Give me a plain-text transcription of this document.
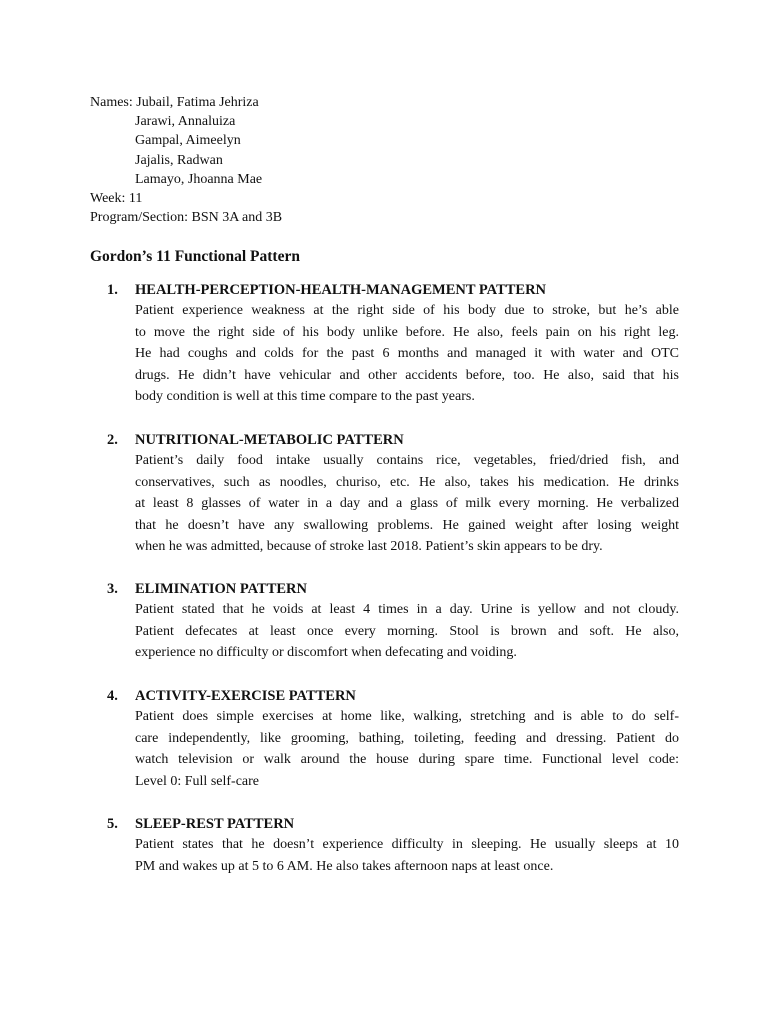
Names: Jubail, Fatima Jehriza
Jarawi, Annaluiza
Gampal, Aimeelyn
Jajalis, Radwan
Lamayo, Jhoanna Mae
Week: 11
Program/Section: BSN 3A and 3B
Gordon’s 11 Functional Pattern
1.	HEALTH-PERCEPTION-HEALTH-MANAGEMENT PATTERN
Patient experience weakness at the right side of his body due to stroke, but he’s able
to move the right side of his body unlike before. He also, feels pain on his right leg.
He had coughs and colds for the past 6 months and managed it with water and OTC
drugs. He didn’t have vehicular and other accidents before, too. He also, said that his
body condition is well at this time compare to the past years.
2.	NUTRITIONAL-METABOLIC PATTERN
Patient’s daily food intake usually contains rice, vegetables, fried/dried fish, and
conservatives, such as noodles, churiso, etc. He also, takes his medication. He drinks
at least 8 glasses of water in a day and a glass of milk every morning. He verbalized
that he doesn’t have any swallowing problems. He gained weight after losing weight
when he was admitted, because of stroke last 2018. Patient’s skin appears to be dry.
3.	ELIMINATION PATTERN
Patient stated that he voids at least 4 times in a day. Urine is yellow and not cloudy.
Patient defecates at least once every morning. Stool is brown and soft. He also,
experience no difficulty or discomfort when defecating and voiding.
4.	ACTIVITY-EXERCISE PATTERN
Patient does simple exercises at home like, walking, stretching and is able to do self-
care independently, like grooming, bathing, toileting, feeding and dressing. Patient do
watch television or walk around the house during spare time. Functional level code:
Level 0: Full self-care
5.	SLEEP-REST PATTERN
Patient states that he doesn’t experience difficulty in sleeping. He usually sleeps at 10
PM and wakes up at 5 to 6 AM. He also takes afternoon naps at least once.
